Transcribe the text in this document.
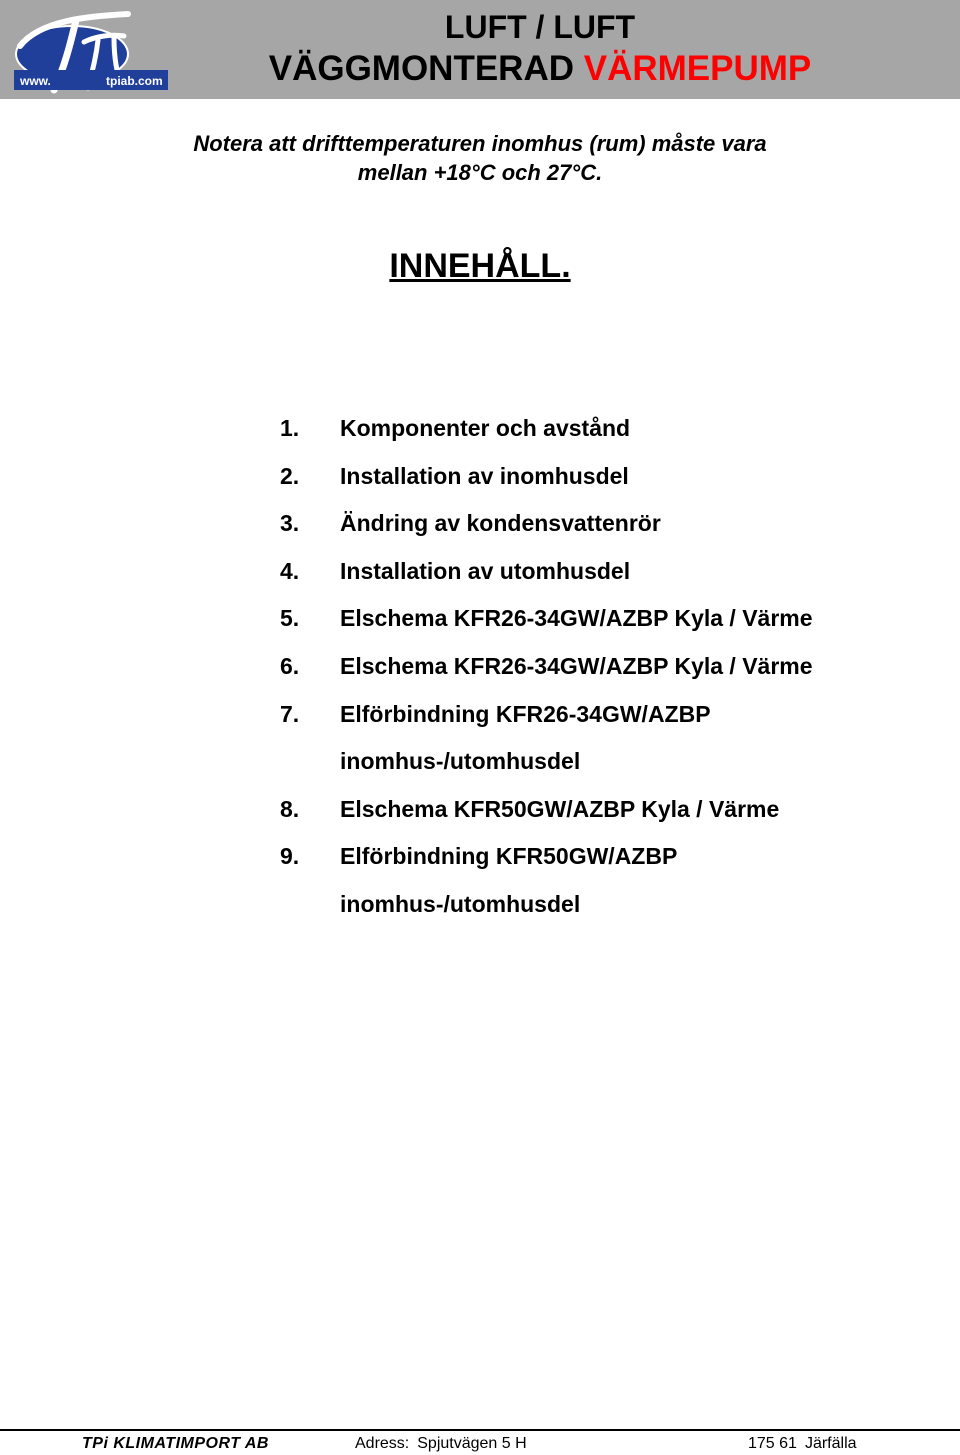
www.	tpiab.com
LUFT / LUFT
VÄGGMONTERAD VÄRMEPUMP
Notera att drifttemperaturen inomhus (rum) måste vara
mellan +18°C och 27°C.
INNEHÅLL.
1.	Komponenter och avstånd
2.	Installation av inomhusdel
3.	Ändring av kondensvattenrör
4.	Installation av utomhusdel
5.	Elschema KFR26-34GW/AZBP Kyla / Värme
6.	Elschema KFR26-34GW/AZBP Kyla / Värme
7.	Elförbindning KFR26-34GW/AZBP
inomhus-/utomhusdel
8.	Elschema KFR50GW/AZBP Kyla / Värme
9.	Elförbindning KFR50GW/AZBP
inomhus-/utomhusdel
TPi KLIMATIMPORT AB	Adress: Spjutvägen 5 H	175 61 Järfälla
